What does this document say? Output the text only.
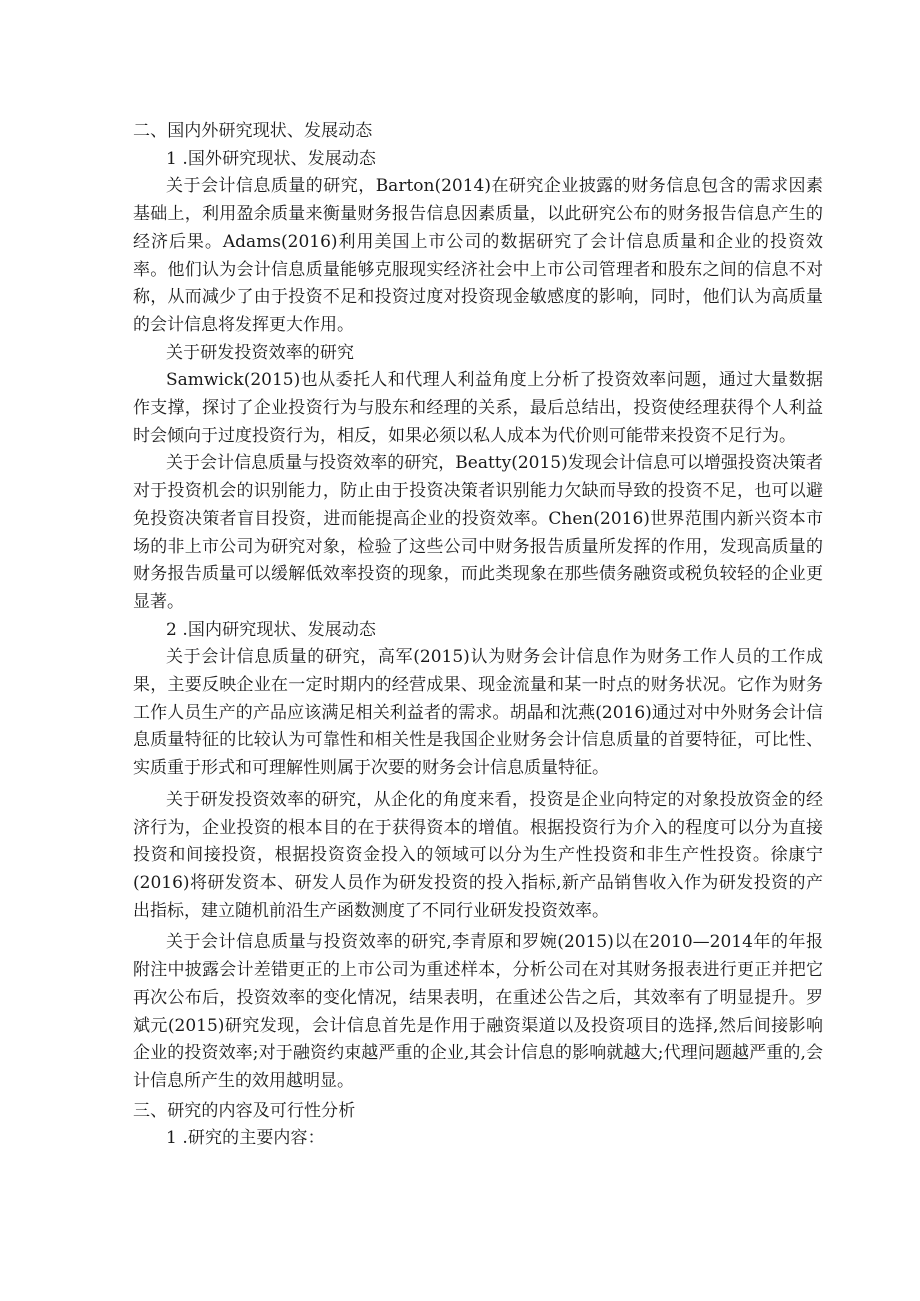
二、国内外研究现状、发展动态
1 .国外研究现状、发展动态

关于会计信息质量的研究，Barton(2014)在研究企业披露的财务信息包含的需求因素基础上，利用盈余质量来衡量财务报告信息因素质量，以此研究公布的财务报告信息产生的经济后果。Adams(2016)利用美国上市公司的数据研究了会计信息质量和企业的投资效率。他们认为会计信息质量能够克服现实经济社会中上市公司管理者和股东之间的信息不对称，从而减少了由于投资不足和投资过度对投资现金敏感度的影响，同时，他们认为高质量的会计信息将发挥更大作用。

关于研发投资效率的研究

Samwick(2015)也从委托人和代理人利益角度上分析了投资效率问题，通过大量数据作支撑，探讨了企业投资行为与股东和经理的关系，最后总结出，投资使经理获得个人利益时会倾向于过度投资行为，相反，如果必须以私人成本为代价则可能带来投资不足行为。

关于会计信息质量与投资效率的研究，Beatty(2015)发现会计信息可以增强投资决策者对于投资机会的识别能力，防止由于投资决策者识别能力欠缺而导致的投资不足，也可以避免投资决策者盲目投资，进而能提高企业的投资效率。Chen(2016)世界范围内新兴资本市场的非上市公司为研究对象，检验了这些公司中财务报告质量所发挥的作用，发现高质量的财务报告质量可以缓解低效率投资的现象，而此类现象在那些债务融资或税负较轻的企业更显著。

2 .国内研究现状、发展动态

关于会计信息质量的研究，高军(2015)认为财务会计信息作为财务工作人员的工作成果，主要反映企业在一定时期内的经营成果、现金流量和某一时点的财务状况。它作为财务工作人员生产的产品应该满足相关利益者的需求。胡晶和沈燕(2016)通过对中外财务会计信息质量特征的比较认为可靠性和相关性是我国企业财务会计信息质量的首要特征，可比性、实质重于形式和可理解性则属于次要的财务会计信息质量特征。

关于研发投资效率的研究，从企化的角度来看，投资是企业向特定的对象投放资金的经济行为，企业投资的根本目的在于获得资本的增值。根据投资行为介入的程度可以分为直接投资和间接投资，根据投资资金投入的领域可以分为生产性投资和非生产性投资。徐康宁(2016)将研发资本、研发人员作为研发投资的投入指标,新产品销售收入作为研发投资的产出指标，建立随机前沿生产函数测度了不同行业研发投资效率。

关于会计信息质量与投资效率的研究,李青原和罗婉(2015)以在2010—2014年的年报附注中披露会计差错更正的上市公司为重述样本，分析公司在对其财务报表进行更正并把它再次公布后，投资效率的变化情况，结果表明，在重述公告之后，其效率有了明显提升。罗斌元(2015)研究发现，会计信息首先是作用于融资渠道以及投资项目的选择,然后间接影响企业的投资效率;对于融资约束越严重的企业,其会计信息的影响就越大;代理问题越严重的,会计信息所产生的效用越明显。

三、研究的内容及可行性分析
1 .研究的主要内容：
